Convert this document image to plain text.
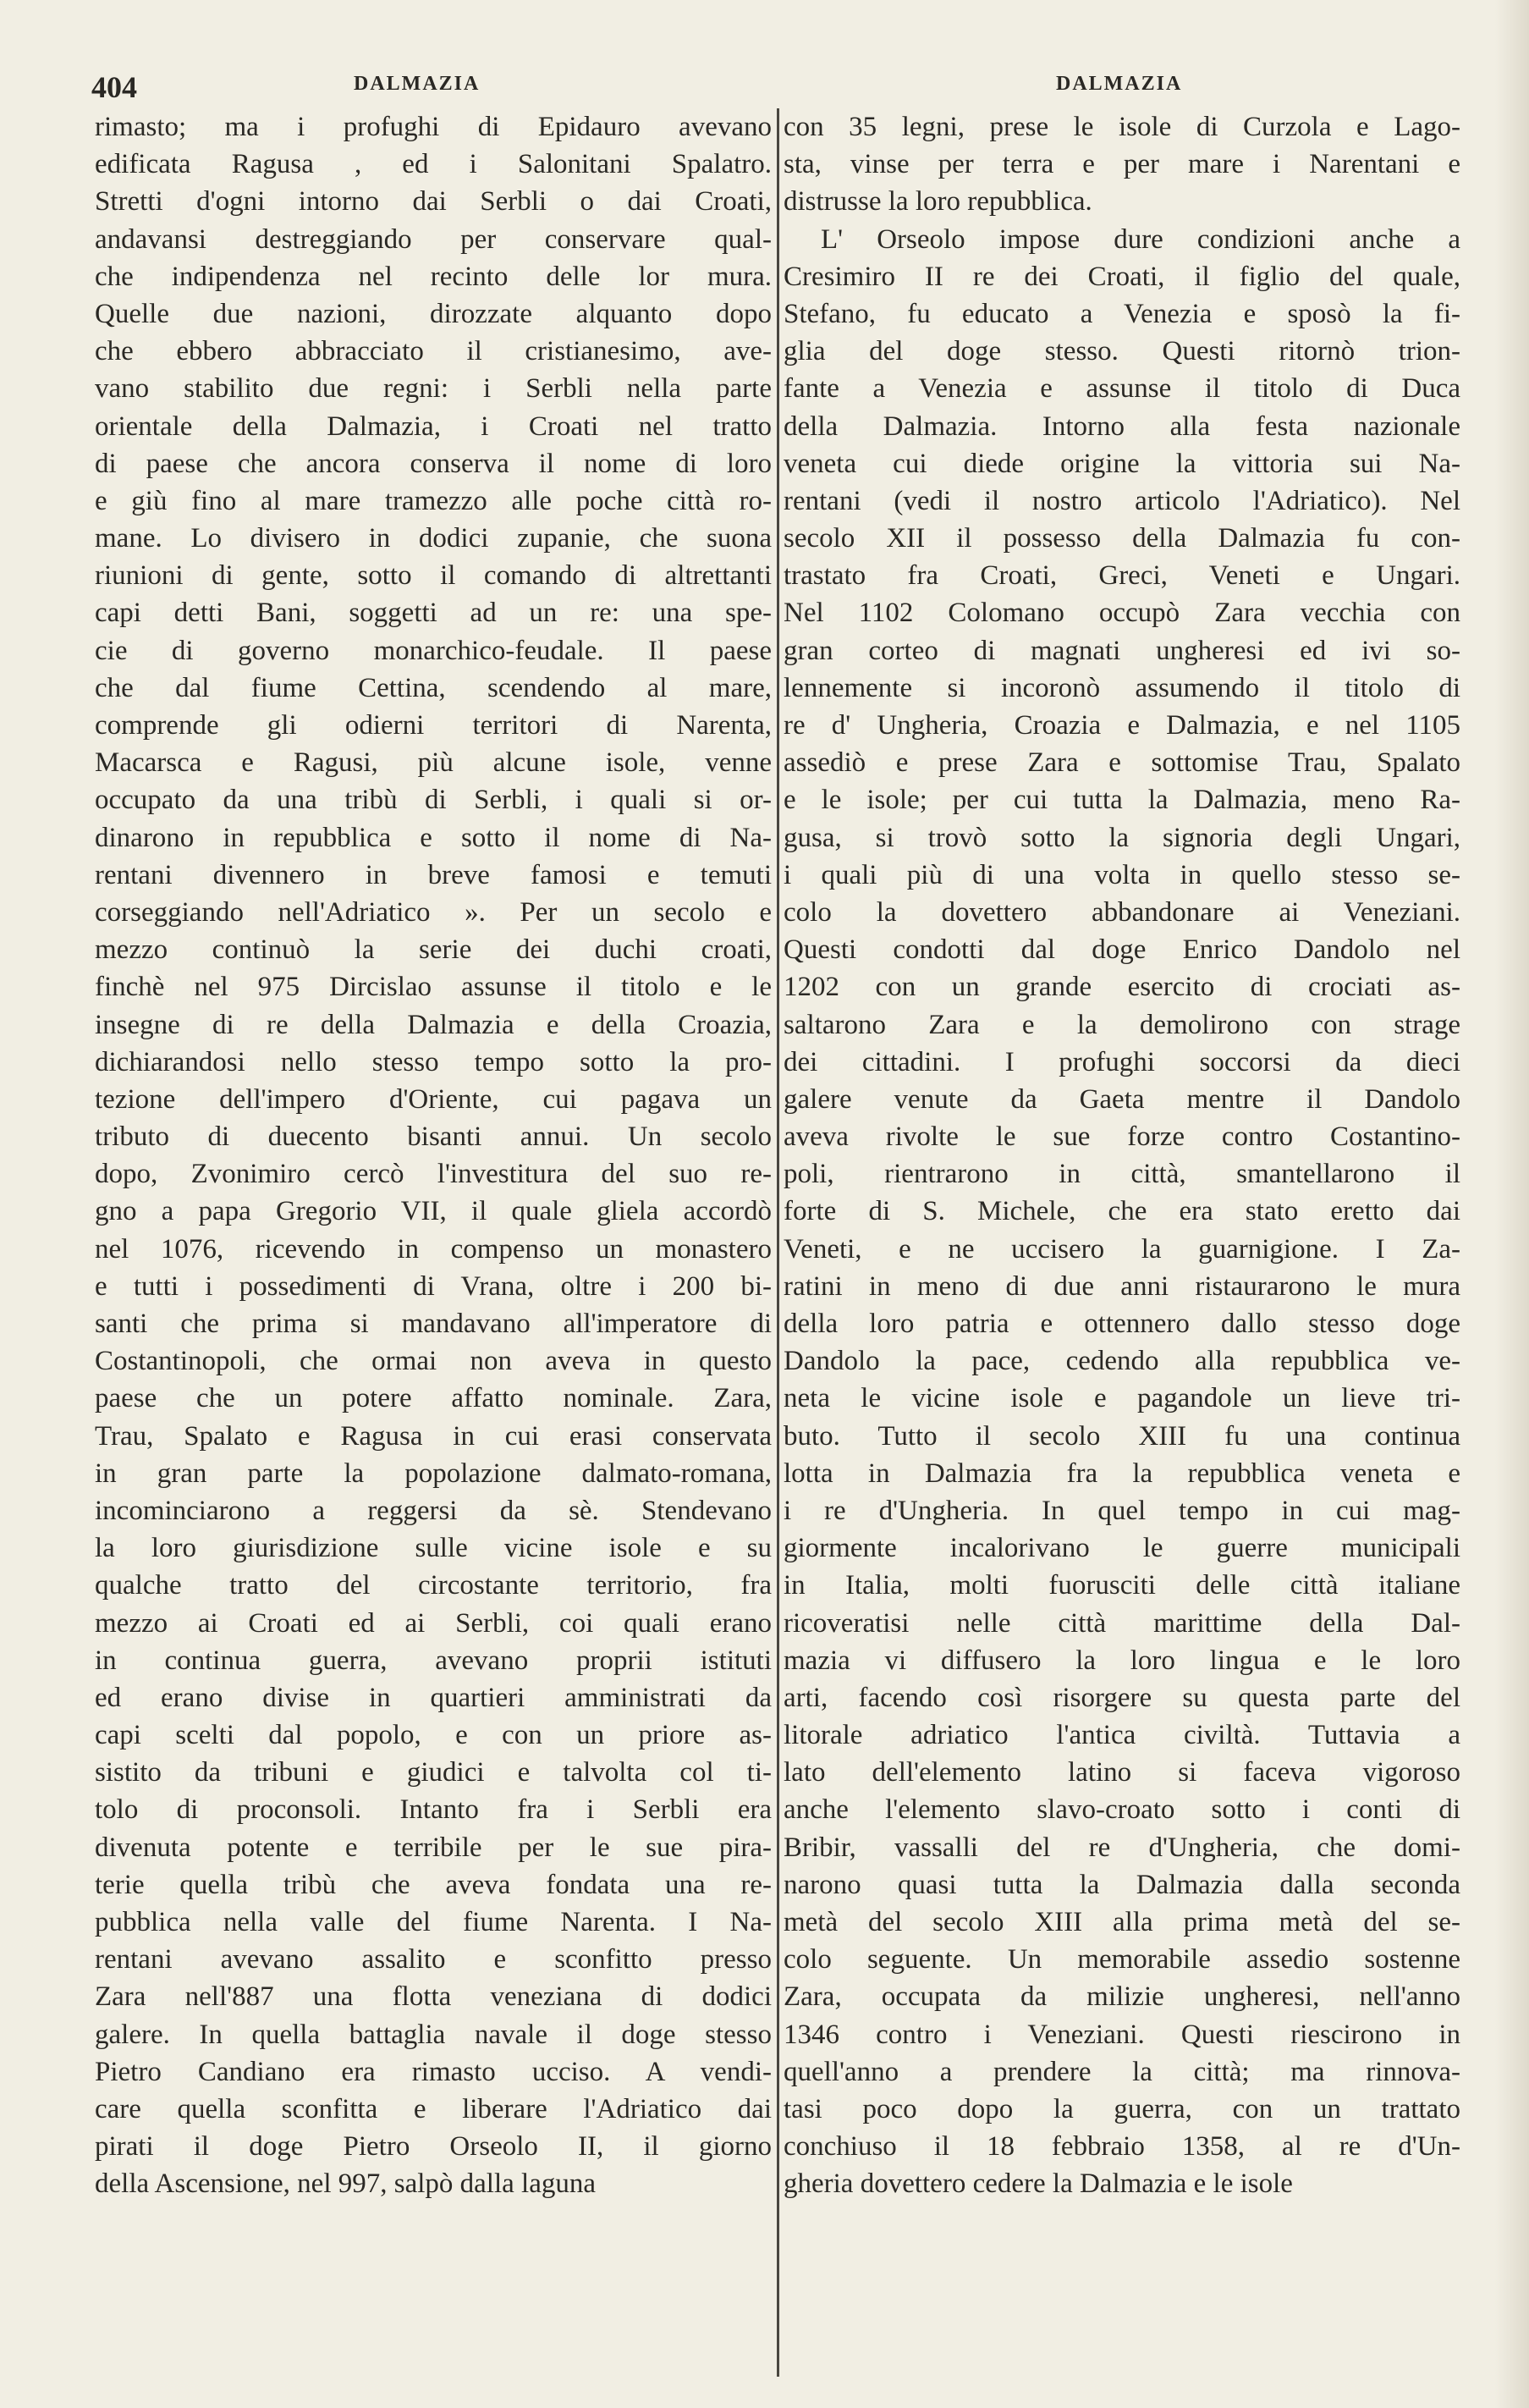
404	DALMAZIA	DALMAZIA
rimasto; ma i profughi di Epidauro avevano
edificata Ragusa , ed i Salonitani Spalatro.
Stretti d'ogni intorno dai Serbli o dai Croati,
andavansi destreggiando per conservare qual-
che indipendenza nel recinto delle lor mura.
Quelle due nazioni, dirozzate alquanto dopo
che ebbero abbracciato il cristianesimo, ave-
vano stabilito due regni: i Serbli nella parte
orientale della Dalmazia, i Croati nel tratto
di paese che ancora conserva il nome di loro
e giù fino al mare tramezzo alle poche città ro-
mane. Lo divisero in dodici zupanie, che suona
riunioni di gente, sotto il comando di altrettanti
capi detti Bani, soggetti ad un re: una spe-
cie di governo monarchico-feudale. Il paese
che dal fiume Cettina, scendendo al mare,
comprende gli odierni territori di Narenta,
Macarsca e Ragusi, più alcune isole, venne
occupato da una tribù di Serbli, i quali si or-
dinarono in repubblica e sotto il nome di Na-
rentani divennero in breve famosi e temuti
corseggiando nell'Adriatico ». Per un secolo e
mezzo continuò la serie dei duchi croati,
finchè nel 975 Dircislao assunse il titolo e le
insegne di re della Dalmazia e della Croazia,
dichiarandosi nello stesso tempo sotto la pro-
tezione dell'impero d'Oriente, cui pagava un
tributo di duecento bisanti annui. Un secolo
dopo, Zvonimiro cercò l'investitura del suo re-
gno a papa Gregorio VII, il quale gliela accordò
nel 1076, ricevendo in compenso un monastero
e tutti i possedimenti di Vrana, oltre i 200 bi-
santi che prima si mandavano all'imperatore di
Costantinopoli, che ormai non aveva in questo
paese che un potere affatto nominale. Zara,
Trau, Spalato e Ragusa in cui erasi conservata
in gran parte la popolazione dalmato-romana,
incominciarono a reggersi da sè. Stendevano
la loro giurisdizione sulle vicine isole e su
qualche tratto del circostante territorio, fra
mezzo ai Croati ed ai Serbli, coi quali erano
in continua guerra, avevano proprii istituti
ed erano divise in quartieri amministrati da
capi scelti dal popolo, e con un priore as-
sistito da tribuni e giudici e talvolta col ti-
tolo di proconsoli. Intanto fra i Serbli era
divenuta potente e terribile per le sue pira-
terie quella tribù che aveva fondata una re-
pubblica nella valle del fiume Narenta. I Na-
rentani avevano assalito e sconfitto presso
Zara nell'887 una flotta veneziana di dodici
galere. In quella battaglia navale il doge stesso
Pietro Candiano era rimasto ucciso. A vendi-
care quella sconfitta e liberare l'Adriatico dai
pirati il doge Pietro Orseolo II, il giorno
della Ascensione, nel 997, salpò dalla laguna
con 35 legni, prese le isole di Curzola e Lago-
sta, vinse per terra e per mare i Narentani e
distrusse la loro repubblica.
L' Orseolo impose dure condizioni anche a
Cresimiro II re dei Croati, il figlio del quale,
Stefano, fu educato a Venezia e sposò la fi-
glia del doge stesso. Questi ritornò trion-
fante a Venezia e assunse il titolo di Duca
della Dalmazia. Intorno alla festa nazionale
veneta cui diede origine la vittoria sui Na-
rentani (vedi il nostro articolo l'Adriatico). Nel
secolo XII il possesso della Dalmazia fu con-
trastato fra Croati, Greci, Veneti e Ungari.
Nel 1102 Colomano occupò Zara vecchia con
gran corteo di magnati ungheresi ed ivi so-
lennemente si incoronò assumendo il titolo di
re d' Ungheria, Croazia e Dalmazia, e nel 1105
assediò e prese Zara e sottomise Trau, Spalato
e le isole; per cui tutta la Dalmazia, meno Ra-
gusa, si trovò sotto la signoria degli Ungari,
i quali più di una volta in quello stesso se-
colo la dovettero abbandonare ai Veneziani.
Questi condotti dal doge Enrico Dandolo nel
1202 con un grande esercito di crociati as-
saltarono Zara e la demolirono con strage
dei cittadini. I profughi soccorsi da dieci
galere venute da Gaeta mentre il Dandolo
aveva rivolte le sue forze contro Costantino-
poli, rientrarono in città, smantellarono il
forte di S. Michele, che era stato eretto dai
Veneti, e ne uccisero la guarnigione. I Za-
ratini in meno di due anni ristaurarono le mura
della loro patria e ottennero dallo stesso doge
Dandolo la pace, cedendo alla repubblica ve-
neta le vicine isole e pagandole un lieve tri-
buto. Tutto il secolo XIII fu una continua
lotta in Dalmazia fra la repubblica veneta e
i re d'Ungheria. In quel tempo in cui mag-
giormente incalorivano le guerre municipali
in Italia, molti fuorusciti delle città italiane
ricoveratisi nelle città marittime della Dal-
mazia vi diffusero la loro lingua e le loro
arti, facendo così risorgere su questa parte del
litorale adriatico l'antica civiltà. Tuttavia a
lato dell'elemento latino si faceva vigoroso
anche l'elemento slavo-croato sotto i conti di
Bribir, vassalli del re d'Ungheria, che domi-
narono quasi tutta la Dalmazia dalla seconda
metà del secolo XIII alla prima metà del se-
colo seguente. Un memorabile assedio sostenne
Zara, occupata da milizie ungheresi, nell'anno
1346 contro i Veneziani. Questi riescirono in
quell'anno a prendere la città; ma rinnova-
tasi poco dopo la guerra, con un trattato
conchiuso il 18 febbraio 1358, al re d'Un-
gheria dovettero cedere la Dalmazia e le isole
